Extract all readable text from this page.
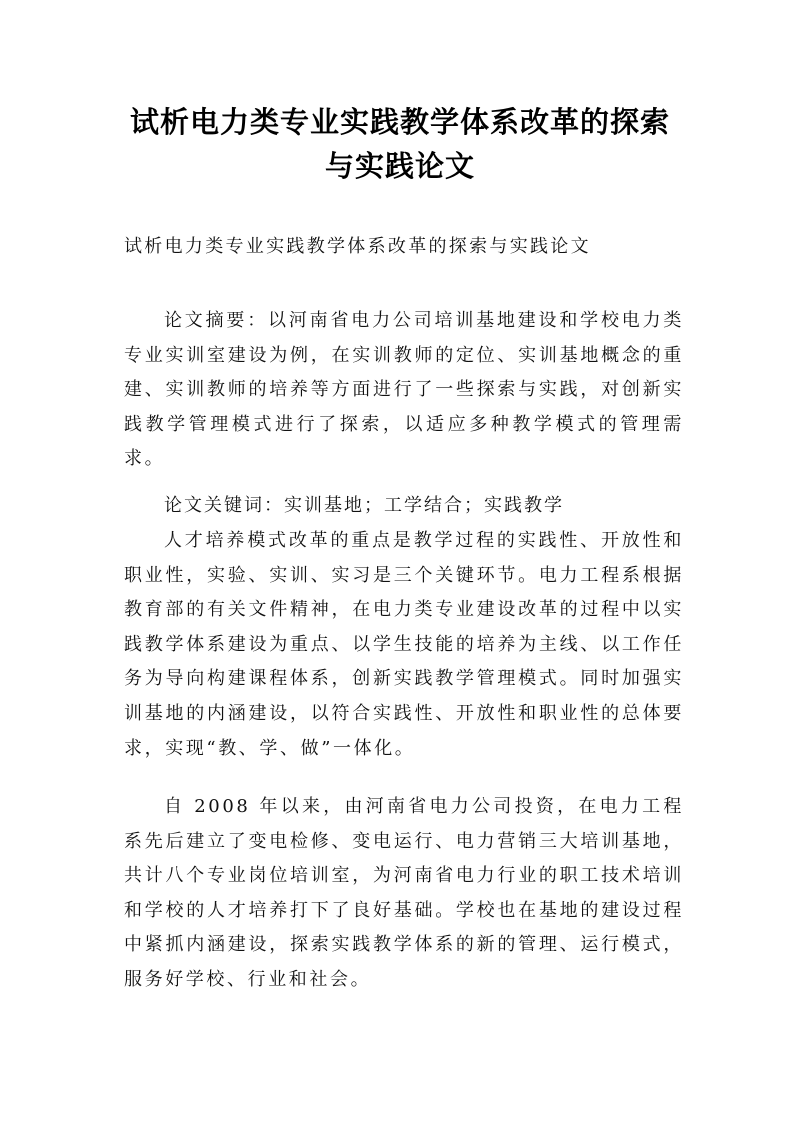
试析电力类专业实践教学体系改革的探索
与实践论文

试析电力类专业实践教学体系改革的探索与实践论文

论文摘要：以河南省电力公司培训基地建设和学校电力类专业实训室建设为例，在实训教师的定位、实训基地概念的重建、实训教师的培养等方面进行了一些探索与实践，对创新实践教学管理模式进行了探索，以适应多种教学模式的管理需求。

论文关键词：实训基地；工学结合；实践教学

人才培养模式改革的重点是教学过程的实践性、开放性和职业性，实验、实训、实习是三个关键环节。电力工程系根据教育部的有关文件精神，在电力类专业建设改革的过程中以实践教学体系建设为重点、以学生技能的培养为主线、以工作任务为导向构建课程体系，创新实践教学管理模式。同时加强实训基地的内涵建设，以符合实践性、开放性和职业性的总体要求，实现“教、学、做”一体化。

自 2008 年以来，由河南省电力公司投资，在电力工程系先后建立了变电检修、变电运行、电力营销三大培训基地，共计八个专业岗位培训室，为河南省电力行业的职工技术培训和学校的人才培养打下了良好基础。学校也在基地的建设过程中紧抓内涵建设，探索实践教学体系的新的管理、运行模式，服务好学校、行业和社会。
